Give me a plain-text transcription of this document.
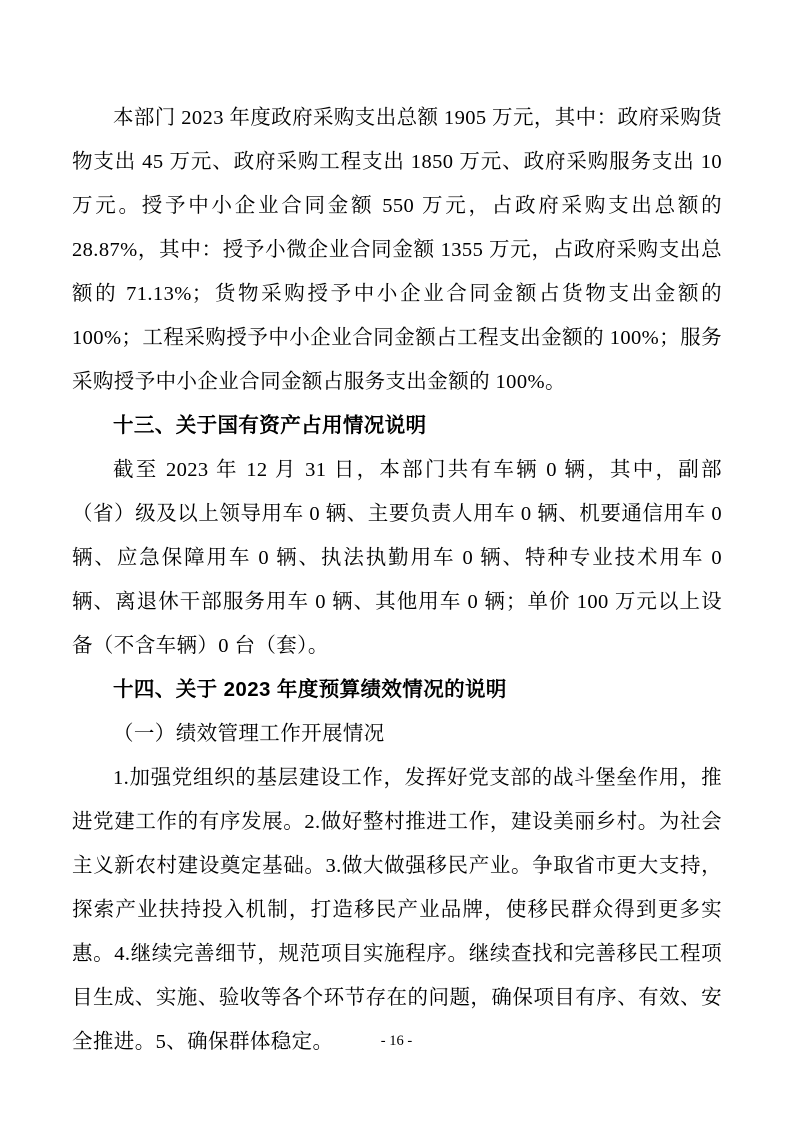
本部门 2023 年度政府采购支出总额 1905 万元，其中：政府采购货物支出 45 万元、政府采购工程支出 1850 万元、政府采购服务支出 10 万元。授予中小企业合同金额 550 万元，占政府采购支出总额的 28.87%，其中：授予小微企业合同金额 1355 万元，占政府采购支出总额的 71.13%；货物采购授予中小企业合同金额占货物支出金额的 100%；工程采购授予中小企业合同金额占工程支出金额的 100%；服务采购授予中小企业合同金额占服务支出金额的 100%。

十三、关于国有资产占用情况说明

截至 2023 年 12 月 31 日，本部门共有车辆 0 辆，其中，副部（省）级及以上领导用车 0 辆、主要负责人用车 0 辆、机要通信用车 0 辆、应急保障用车 0 辆、执法执勤用车 0 辆、特种专业技术用车 0 辆、离退休干部服务用车 0 辆、其他用车 0 辆；单价 100 万元以上设备（不含车辆）0 台（套）。

十四、关于 2023 年度预算绩效情况的说明

（一）绩效管理工作开展情况

1.加强党组织的基层建设工作，发挥好党支部的战斗堡垒作用，推进党建工作的有序发展。2.做好整村推进工作，建设美丽乡村。为社会主义新农村建设奠定基础。3.做大做强移民产业。争取省市更大支持，探索产业扶持投入机制，打造移民产业品牌，使移民群众得到更多实惠。4.继续完善细节，规范项目实施程序。继续查找和完善移民工程项目生成、实施、验收等各个环节存在的问题，确保项目有序、有效、安全推进。5、确保群体稳定。	- 16 -
